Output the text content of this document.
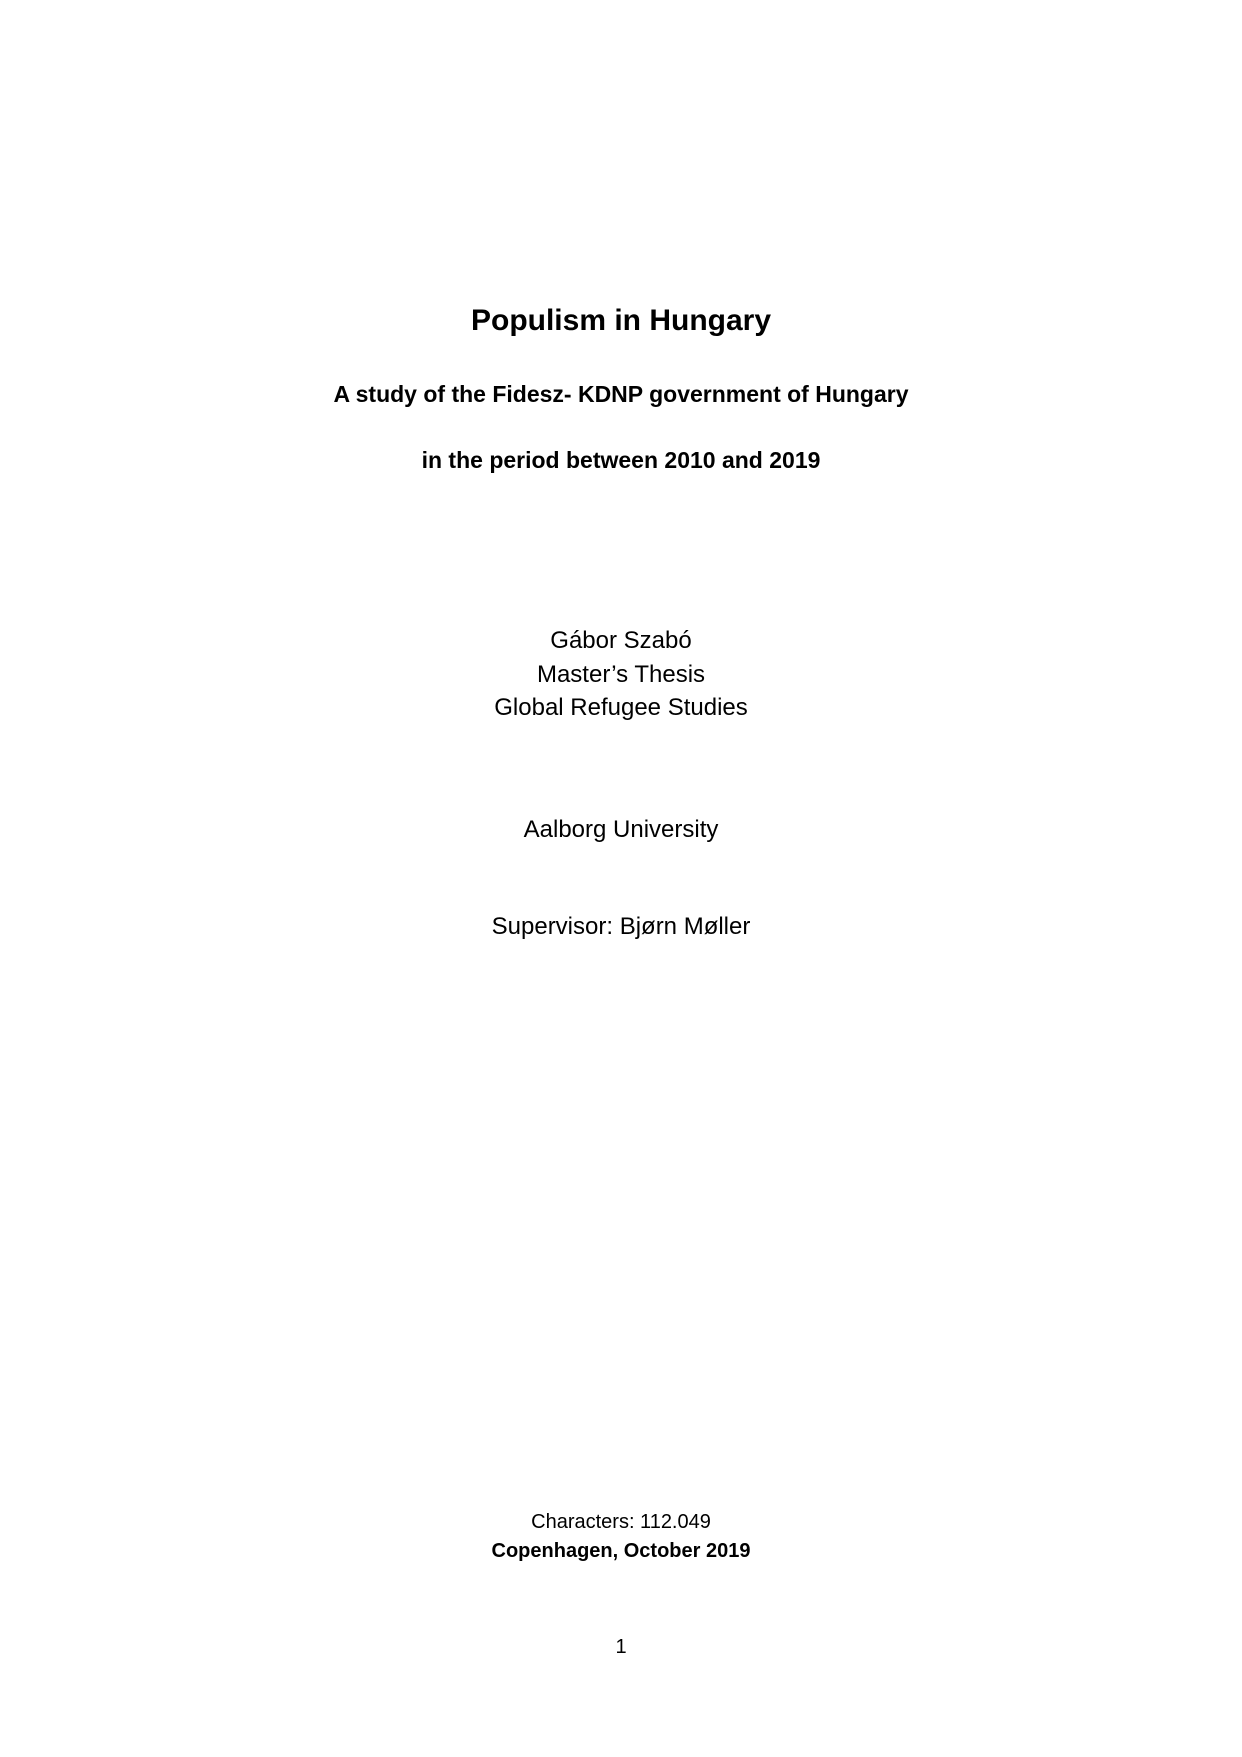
Populism in Hungary
A study of the Fidesz- KDNP government of Hungary
in the period between 2010 and 2019
Gábor Szabó
Master’s Thesis
Global Refugee Studies
Aalborg University
Supervisor: Bjørn Møller
Characters: 112.049
Copenhagen, October 2019
1
